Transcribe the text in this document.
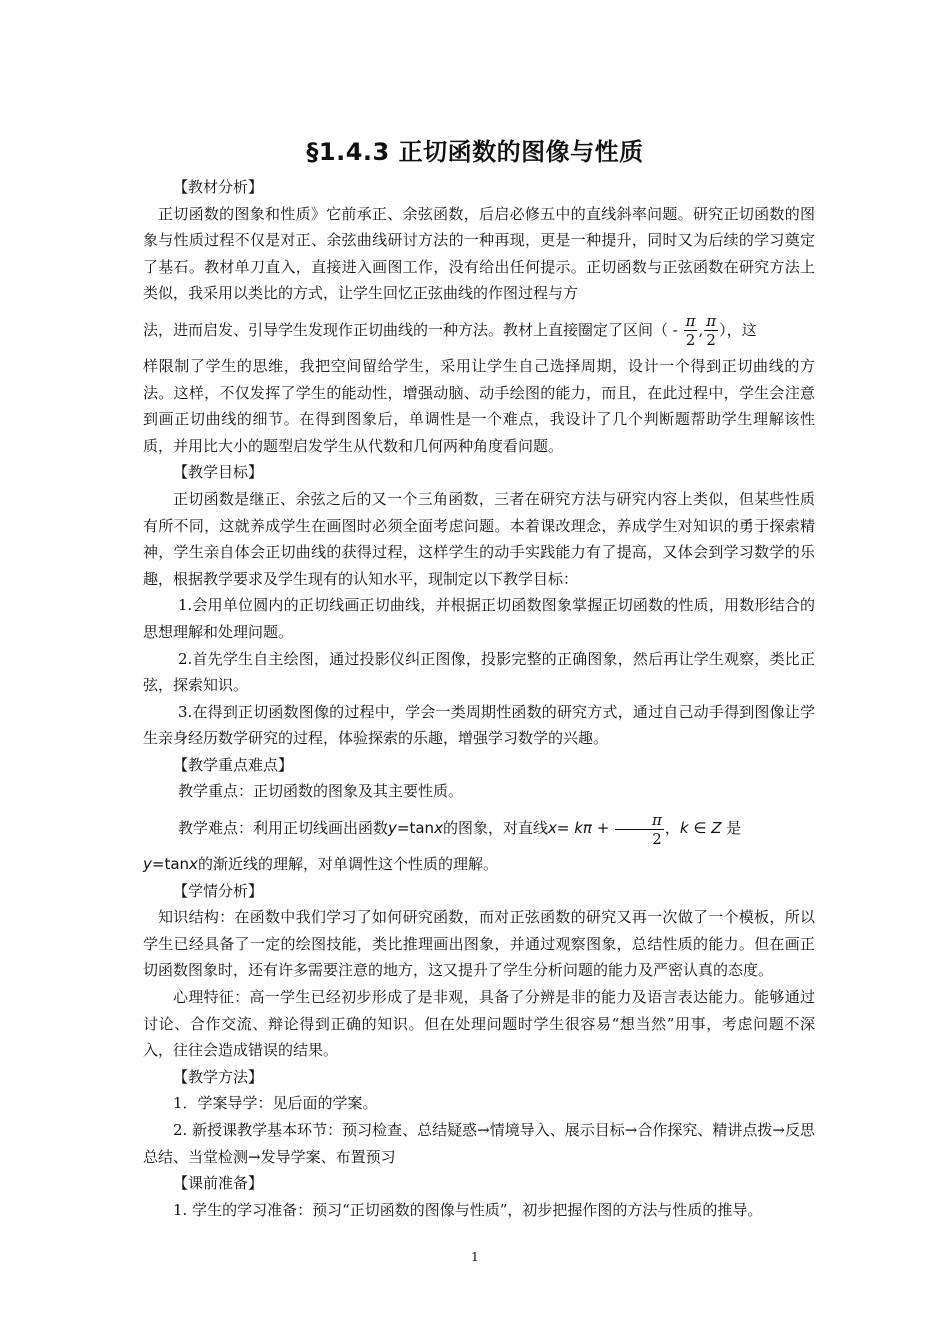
§1.4.3 正切函数的图像与性质

【教材分析】

正切函数的图象和性质》它前承正、余弦函数，后启必修五中的直线斜率问题。研究正切函数的图象与性质过程不仅是对正、余弦曲线研讨方法的一种再现，更是一种提升，同时又为后续的学习奠定了基石。教材单刀直入，直接进入画图工作，没有给出任何提示。正切函数与正弦函数在研究方法上类似，我采用以类比的方式，让学生回忆正弦曲线的作图过程与方

法，进而启发、引导学生发现作正切曲线的一种方法。教材上直接圈定了区间（ - $\frac{\pi}{2}$ , $\frac{\pi}{2}$ ），这

样限制了学生的思维，我把空间留给学生，采用让学生自己选择周期，设计一个得到正切曲线的方法。这样，不仅发挥了学生的能动性，增强动脑、动手绘图的能力，而且，在此过程中，学生会注意到画正切曲线的细节。在得到图象后，单调性是一个难点，我设计了几个判断题帮助学生理解该性质，并用比大小的题型启发学生从代数和几何两种角度看问题。

【教学目标】

正切函数是继正、余弦之后的又一个三角函数，三者在研究方法与研究内容上类似，但某些性质有所不同，这就养成学生在画图时必须全面考虑问题。本着课改理念，养成学生对知识的勇于探索精神，学生亲自体会正切曲线的获得过程，这样学生的动手实践能力有了提高，又体会到学习数学的乐趣，根据教学要求及学生现有的认知水平，现制定以下教学目标：

1.会用单位圆内的正切线画正切曲线，并根据正切函数图象掌握正切函数的性质，用数形结合的思想理解和处理问题。

2.首先学生自主绘图，通过投影仪纠正图像，投影完整的正确图象，然后再让学生观察，类比正弦，探索知识。

3.在得到正切函数图像的过程中，学会一类周期性函数的研究方式，通过自己动手得到图像让学生亲身经历数学研究的过程，体验探索的乐趣，增强学习数学的兴趣。

【教学重点难点】

教学重点：正切函数的图象及其主要性质。

教学难点：利用正切线画出函数y=tanx的图象，对直线$x= k\pi + \frac{\pi}{2}$ ，k ∈ Z 是

y=tanx的渐近线的理解，对单调性这个性质的理解。

【学情分析】

知识结构：在函数中我们学习了如何研究函数，而对正弦函数的研究又再一次做了一个模板，所以学生已经具备了一定的绘图技能，类比推理画出图象，并通过观察图象，总结性质的能力。但在画正切函数图象时，还有许多需要注意的地方，这又提升了学生分析问题的能力及严密认真的态度。

心理特征：高一学生已经初步形成了是非观，具备了分辨是非的能力及语言表达能力。能够通过讨论、合作交流、辩论得到正确的知识。但在处理问题时学生很容易“想当然”用事，考虑问题不深入，往往会造成错误的结果。

【教学方法】

1．学案导学：见后面的学案。

2. 新授课教学基本环节：预习检查、总结疑惑→情境导入、展示目标→合作探究、精讲点拨→反思总结、当堂检测→发导学案、布置预习

【课前准备】

1. 学生的学习准备：预习“正切函数的图像与性质”，初步把握作图的方法与性质的推导。

1
